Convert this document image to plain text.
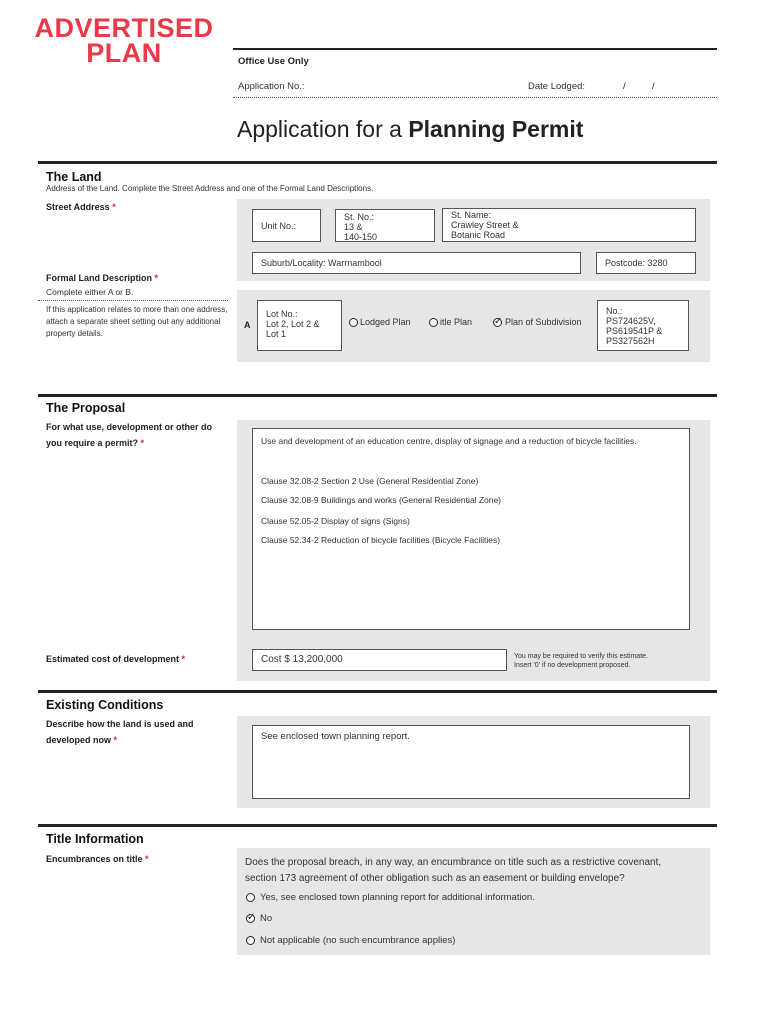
ADVERTISED
PLAN	Office Use Only
Application No.:	Date Lodged:	/	/
Application for a Planning Permit
The Land
Address of the Land. Complete the Street Address and one of the Formal Land Descriptions.
Street Address *
Unit No.:
St. No.:
13 &
140-150
St. Name:
Crawley Street &
Botanic Road
Suburb/Locality: Warrnambool	Postcode: 3280
Formal Land Description *
Complete either A or B.
If this application relates to more than one address, attach a separate sheet setting out any additional property details.
A
Lot No.:
Lot 2, Lot 2 &
Lot 1
Lodged Plan	itle Plan ✓ Plan of Subdivision
No.:
PS724625V,
PS619541P &
PS327562H
The Proposal
For what use, development or other do
you require a permit? *	Use and development of an education centre, display of signage and a reduction of bicycle facilities.

Clause 32.08-2 Section 2 Use (General Residential Zone)

Clause 32.08-9 Buildings and works (General Residential Zone)

Clause 52.05-2 Display of signs (Signs)

Clause 52.34-2 Reduction of bicycle facilities (Bicycle Facilities)

Estimated cost of development *	Cost $ 13,200,000	You may be required to verify this estimate.
Insert '0' if no development proposed.
Existing Conditions
Describe how the land is used and
developed now *	See enclosed town planning report.
Title Information
Encumbrances on title *	Does the proposal breach, in any way, an encumbrance on title such as a restrictive covenant,
section 173 agreement of other obligation such as an easement or building envelope?
Yes, see enclosed town planning report for additional information.
✓ No
Not applicable (no such encumbrance applies)
